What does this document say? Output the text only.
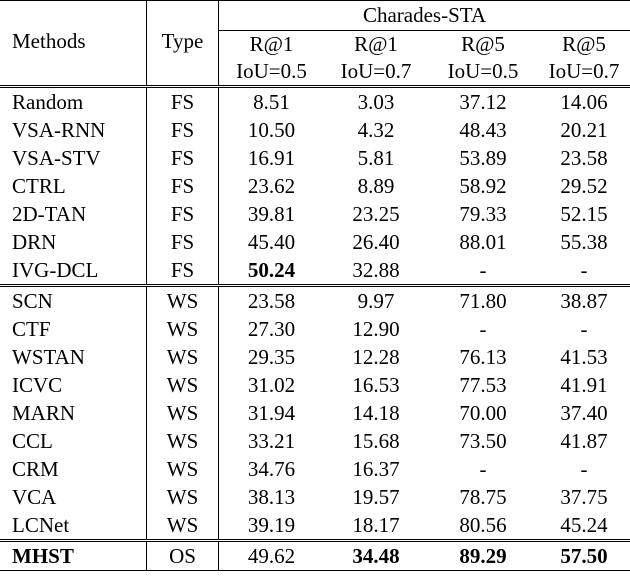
Methods	Type	Charades-STA			
		R@1	R@1	R@5	R@5
		IoU=0.5	IoU=0.7	IoU=0.5	IoU=0.7
Random	FS	8.51	3.03	37.12	14.06
VSA-RNN	FS	10.50	4.32	48.43	20.21
VSA-STV	FS	16.91	5.81	53.89	23.58
CTRL	FS	23.62	8.89	58.92	29.52
2D-TAN	FS	39.81	23.25	79.33	52.15
DRN	FS	45.40	26.40	88.01	55.38
IVG-DCL	FS	50.24	32.88	-	-
SCN	WS	23.58	9.97	71.80	38.87
CTF	WS	27.30	12.90	-	-
WSTAN	WS	29.35	12.28	76.13	41.53
ICVC	WS	31.02	16.53	77.53	41.91
MARN	WS	31.94	14.18	70.00	37.40
CCL	WS	33.21	15.68	73.50	41.87
CRM	WS	34.76	16.37	-	-
VCA	WS	38.13	19.57	78.75	37.75
LCNet	WS	39.19	18.17	80.56	45.24
MHST	OS	49.62	34.48	89.29	57.50
